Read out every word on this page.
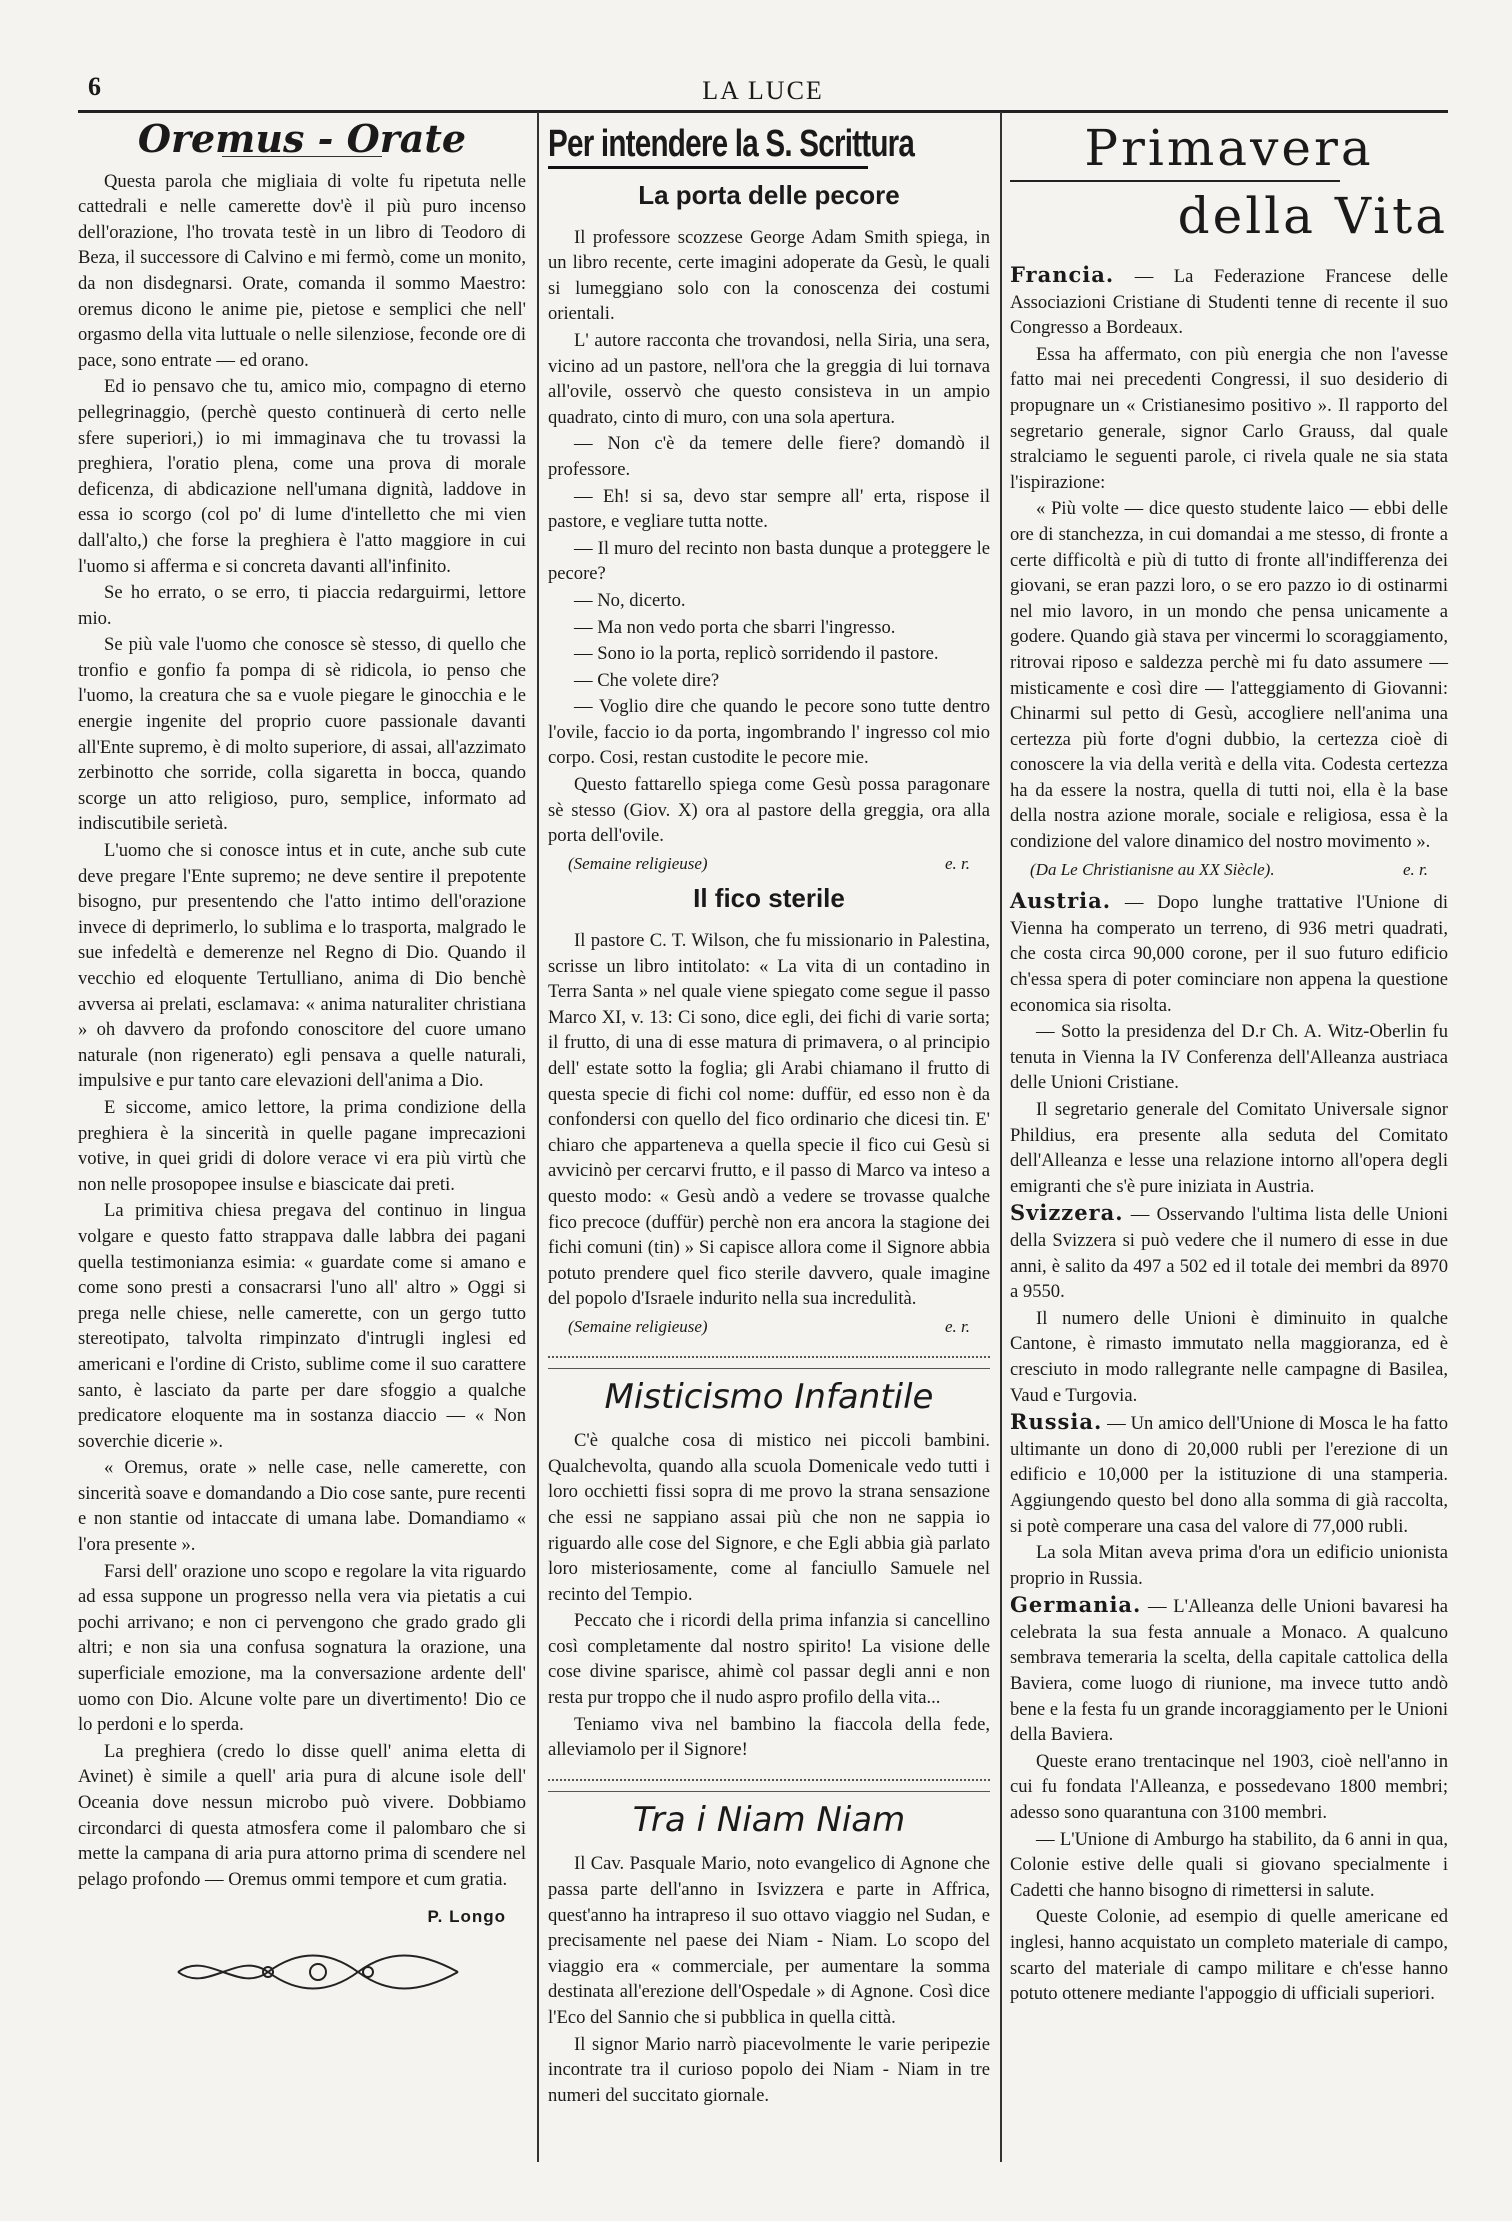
6	LA LUCE
Oremus - Orate

Questa parola che migliaia di volte fu ripetuta nelle cattedrali e nelle camerette dov'è il più puro incenso dell'orazione, l'ho trovata testè in un libro di Teodoro di Beza, il successore di Calvino e mi fermò, come un monito, da non disdegnarsi. Orate, comanda il sommo Maestro: oremus dicono le anime pie, pietose e semplici che nell' orgasmo della vita luttuale o nelle silenziose, feconde ore di pace, sono entrate — ed orano.

Ed io pensavo che tu, amico mio, compagno di eterno pellegrinaggio, (perchè questo continuerà di certo nelle sfere superiori,) io mi immaginava che tu trovassi la preghiera, l'oratio plena, come una prova di morale deficenza, di abdicazione nell'umana dignità, laddove in essa io scorgo (col po' di lume d'intelletto che mi vien dall'alto,) che forse la preghiera è l'atto maggiore in cui l'uomo si afferma e si concreta davanti all'infinito.

Se ho errato, o se erro, ti piaccia redarguirmi, lettore mio.

Se più vale l'uomo che conosce sè stesso, di quello che tronfio e gonfio fa pompa di sè ridicola, io penso che l'uomo, la creatura che sa e vuole piegare le ginocchia e le energie ingenite del proprio cuore passionale davanti all'Ente supremo, è di molto superiore, di assai, all'azzimato zerbinotto che sorride, colla sigaretta in bocca, quando scorge un atto religioso, puro, semplice, informato ad indiscutibile serietà.

L'uomo che si conosce intus et in cute, anche sub cute deve pregare l'Ente supremo; ne deve sentire il prepotente bisogno, pur presentendo che l'atto intimo dell'orazione invece di deprimerlo, lo sublima e lo trasporta, malgrado le sue infedeltà e demerenze nel Regno di Dio. Quando il vecchio ed eloquente Tertulliano, anima di Dio benchè avversa ai prelati, esclamava: « anima naturaliter christiana » oh davvero da profondo conoscitore del cuore umano naturale (non rigenerato) egli pensava a quelle naturali, impulsive e pur tanto care elevazioni dell'anima a Dio.

E siccome, amico lettore, la prima condizione della preghiera è la sincerità in quelle pagane imprecazioni votive, in quei gridi di dolore verace vi era più virtù che non nelle prosopopee insulse e biascicate dai preti.

La primitiva chiesa pregava del continuo in lingua volgare e questo fatto strappava dalle labbra dei pagani quella testimonianza esimia: « guardate come si amano e come sono presti a consacrarsi l'uno all' altro » Oggi si prega nelle chiese, nelle camerette, con un gergo tutto stereotipato, talvolta rimpinzato d'intrugli inglesi ed americani e l'ordine di Cristo, sublime come il suo carattere santo, è lasciato da parte per dare sfoggio a qualche predicatore eloquente ma in sostanza diaccio — « Non soverchie dicerie ».

« Oremus, orate » nelle case, nelle camerette, con sincerità soave e domandando a Dio cose sante, pure recenti e non stantie od intaccate di umana labe. Domandiamo « l'ora presente ».

Farsi dell' orazione uno scopo e regolare la vita riguardo ad essa suppone un progresso nella vera via pietatis a cui pochi arrivano; e non ci pervengono che grado grado gli altri; e non sia una confusa sognatura la orazione, una superficiale emozione, ma la conversazione ardente dell' uomo con Dio. Alcune volte pare un divertimento! Dio ce lo perdoni e lo sperda.

La preghiera (credo lo disse quell' anima eletta di Avinet) è simile a quell' aria pura di alcune isole dell' Oceania dove nessun microbo può vivere. Dobbiamo circondarci di questa atmosfera come il palombaro che si mette la campana di aria pura attorno prima di scendere nel pelago profondo — Oremus ommi tempore et cum gratia.

P. Longo
Per intendere la S. Scrittura
La porta delle pecore

Il professore scozzese George Adam Smith spiega, in un libro recente, certe imagini adoperate da Gesù, le quali si lumeggiano solo con la conoscenza dei costumi orientali.

L' autore racconta che trovandosi, nella Siria, una sera, vicino ad un pastore, nell'ora che la greggia di lui tornava all'ovile, osservò che questo consisteva in un ampio quadrato, cinto di muro, con una sola apertura.

— Non c'è da temere delle fiere? domandò il professore.

— Eh! si sa, devo star sempre all' erta, rispose il pastore, e vegliare tutta notte.

— Il muro del recinto non basta dunque a proteggere le pecore?

— No, dicerto.

— Ma non vedo porta che sbarri l'ingresso.

— Sono io la porta, replicò sorridendo il pastore.

— Che volete dire?

— Voglio dire che quando le pecore sono tutte dentro l'ovile, faccio io da porta, ingombrando l' ingresso col mio corpo. Cosi, restan custodite le pecore mie.

Questo fattarello spiega come Gesù possa paragonare sè stesso (Giov. X) ora al pastore della greggia, ora alla porta dell'ovile.

(Semaine religieuse)	e. r.
Il fico sterile

Il pastore C. T. Wilson, che fu missionario in Palestina, scrisse un libro intitolato: « La vita di un contadino in Terra Santa » nel quale viene spiegato come segue il passo Marco XI, v. 13: Ci sono, dice egli, dei fichi di varie sorta; il frutto, di una di esse matura di primavera, o al principio dell' estate sotto la foglia; gli Arabi chiamano il frutto di questa specie di fichi col nome: duffür, ed esso non è da confondersi con quello del fico ordinario che dicesi tin. E' chiaro che apparteneva a quella specie il fico cui Gesù si avvicinò per cercarvi frutto, e il passo di Marco va inteso a questo modo: « Gesù andò a vedere se trovasse qualche fico precoce (duffür) perchè non era ancora la stagione dei fichi comuni (tin) » Si capisce allora come il Signore abbia potuto prendere quel fico sterile davvero, quale imagine del popolo d'Israele indurito nella sua incredulità.

(Semaine religieuse)	e. r.
Misticismo Infantile

C'è qualche cosa di mistico nei piccoli bambini. Qualchevolta, quando alla scuola Domenicale vedo tutti i loro occhietti fissi sopra di me provo la strana sensazione che essi ne sappiano assai più che non ne sappia io riguardo alle cose del Signore, e che Egli abbia già parlato loro misteriosamente, come al fanciullo Samuele nel recinto del Tempio.

Peccato che i ricordi della prima infanzia si cancellino così completamente dal nostro spirito! La visione delle cose divine sparisce, ahimè col passar degli anni e non resta pur troppo che il nudo aspro profilo della vita...

Teniamo viva nel bambino la fiaccola della fede, alleviamolo per il Signore!

Tra i Niam Niam

Il Cav. Pasquale Mario, noto evangelico di Agnone che passa parte dell'anno in Isvizzera e parte in Affrica, quest'anno ha intrapreso il suo ottavo viaggio nel Sudan, e precisamente nel paese dei Niam - Niam. Lo scopo del viaggio era « commerciale, per aumentare la somma destinata all'erezione dell'Ospedale » di Agnone. Così dice l'Eco del Sannio che si pubblica in quella città.

Il signor Mario narrò piacevolmente le varie peripezie incontrate tra il curioso popolo dei Niam - Niam in tre numeri del succitato giornale.

Primavera
della Vita

Francia. — La Federazione Francese delle Associazioni Cristiane di Studenti tenne di recente il suo Congresso a Bordeaux.

Essa ha affermato, con più energia che non l'avesse fatto mai nei precedenti Congressi, il suo desiderio di propugnare un « Cristianesimo positivo ». Il rapporto del segretario generale, signor Carlo Grauss, dal quale stralciamo le seguenti parole, ci rivela quale ne sia stata l'ispirazione:

« Più volte — dice questo studente laico — ebbi delle ore di stanchezza, in cui domandai a me stesso, di fronte a certe difficoltà e più di tutto di fronte all'indifferenza dei giovani, se eran pazzi loro, o se ero pazzo io di ostinarmi nel mio lavoro, in un mondo che pensa unicamente a godere. Quando già stava per vincermi lo scoraggiamento, ritrovai riposo e saldezza perchè mi fu dato assumere — misticamente e così dire — l'atteggiamento di Giovanni: Chinarmi sul petto di Gesù, accogliere nell'anima una certezza più forte d'ogni dubbio, la certezza cioè di conoscere la via della verità e della vita. Codesta certezza ha da essere la nostra, quella di tutti noi, ella è la base della nostra azione morale, sociale e religiosa, essa è la condizione del valore dinamico del nostro movimento ».

(Da Le Christianisne au XX Siècle).	e. r.

Austria. — Dopo lunghe trattative l'Unione di Vienna ha comperato un terreno, di 936 metri quadrati, che costa circa 90,000 corone, per il suo futuro edificio ch'essa spera di poter cominciare non appena la questione economica sia risolta.

— Sotto la presidenza del D.r Ch. A. Witz-Oberlin fu tenuta in Vienna la IV Conferenza dell'Alleanza austriaca delle Unioni Cristiane.

Il segretario generale del Comitato Universale signor Phildius, era presente alla seduta del Comitato dell'Alleanza e lesse una relazione intorno all'opera degli emigranti che s'è pure iniziata in Austria.

Svizzera. — Osservando l'ultima lista delle Unioni della Svizzera si può vedere che il numero di esse in due anni, è salito da 497 a 502 ed il totale dei membri da 8970 a 9550.

Il numero delle Unioni è diminuito in qualche Cantone, è rimasto immutato nella maggioranza, ed è cresciuto in modo rallegrante nelle campagne di Basilea, Vaud e Turgovia.

Russia. — Un amico dell'Unione di Mosca le ha fatto ultimante un dono di 20,000 rubli per l'erezione di un edificio e 10,000 per la istituzione di una stamperia. Aggiungendo questo bel dono alla somma di già raccolta, si potè comperare una casa del valore di 77,000 rubli.

La sola Mitan aveva prima d'ora un edificio unionista proprio in Russia.

Germania. — L'Alleanza delle Unioni bavaresi ha celebrata la sua festa annuale a Monaco. A qualcuno sembrava temeraria la scelta, della capitale cattolica della Baviera, come luogo di riunione, ma invece tutto andò bene e la festa fu un grande incoraggiamento per le Unioni della Baviera.

Queste erano trentacinque nel 1903, cioè nell'anno in cui fu fondata l'Alleanza, e possedevano 1800 membri; adesso sono quarantuna con 3100 membri.

— L'Unione di Amburgo ha stabilito, da 6 anni in qua, Colonie estive delle quali si giovano specialmente i Cadetti che hanno bisogno di rimettersi in salute.

Queste Colonie, ad esempio di quelle americane ed inglesi, hanno acquistato un completo materiale di campo, scarto del materiale di campo militare e ch'esse hanno potuto ottenere mediante l'appoggio di ufficiali superiori.
